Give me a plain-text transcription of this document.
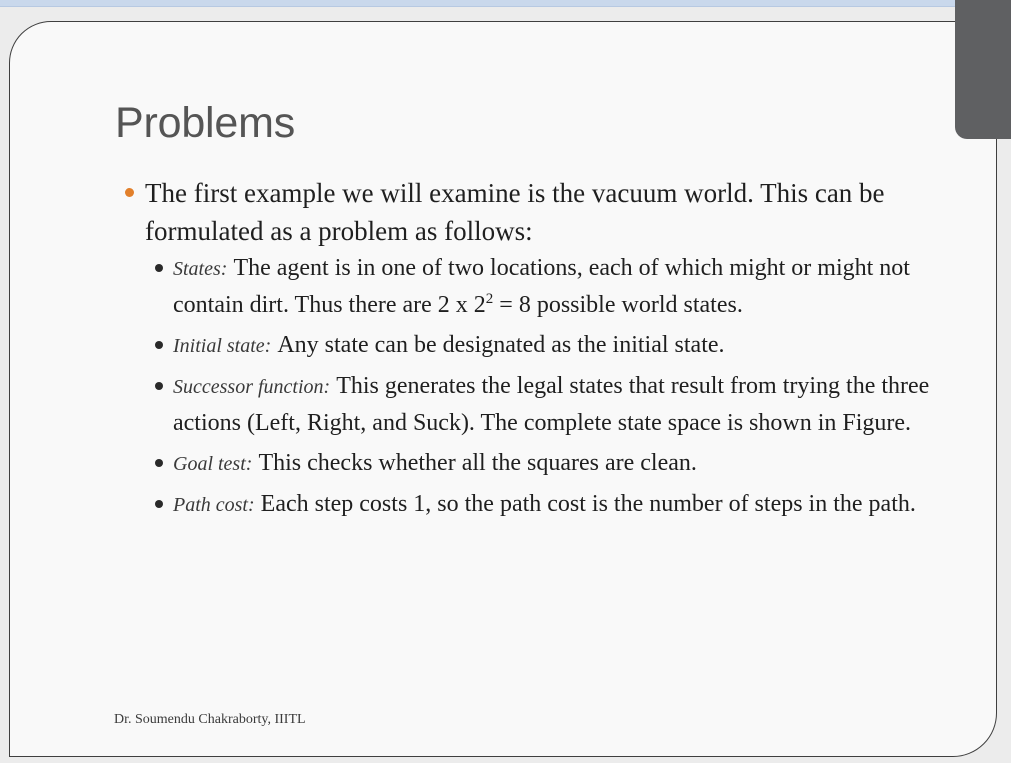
Problems

The first example we will examine is the vacuum world. This can be formulated as a problem as follows:

States: The agent is in one of two locations, each of which might or might not contain dirt. Thus there are 2 x $2^2 = 8$ possible world states.
Initial state: Any state can be designated as the initial state.
Successor function: This generates the legal states that result from trying the three actions (Left, Right, and Suck). The complete state space is shown in Figure.
Goal test: This checks whether all the squares are clean.
Path cost: Each step costs 1, so the path cost is the number of steps in the path.
Dr. Soumendu Chakraborty, IIITL
